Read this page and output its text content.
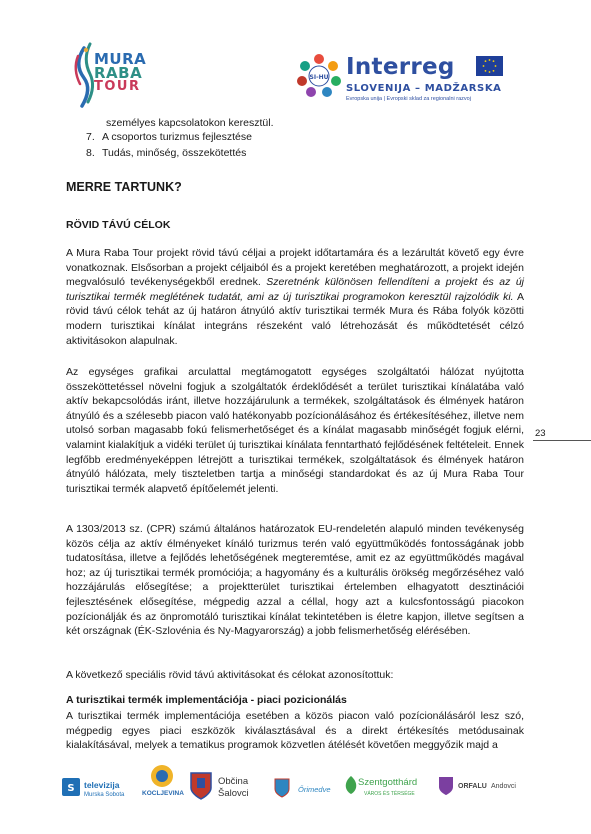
MURA
RABA
TOUR
SI-HU Interreg
SLOVENIJA – MADŽARSKA
Evropska unija | Evropski sklad za regionalni razvoj
személyes kapcsolatokon keresztül.
7. A csoportos turizmus fejlesztése
8. Tudás, minőség, összekötettés
MERRE TARTUNK?
RÖVID TÁVÚ CÉLOK

A Mura Raba Tour projekt rövid távú céljai a projekt időtartamára és a lezárultát követő egy évre vonatkoznak. Elsősorban a projekt céljaiból és a projekt keretében meghatározott, a projekt idején megvalósuló tevékenységekből erednek. Szeretnénk különösen fellendíteni a projekt és az új turisztikai termék meglétének tudatát, ami az új turisztikai programokon keresztül rajzolódik ki. A rövid távú célok tehát az új határon átnyúló aktív turisztikai termék Mura és Rába folyók közötti modern turisztikai kínálat integráns részeként való létrehozását és működtetését célzó aktivitásokon alapulnak.

Az egységes grafikai arculattal megtámogatott egységes szolgáltatói hálózat nyújtotta összeköttetéssel növelni fogjuk a szolgáltatók érdeklődését a terület turisztikai kínálatába való aktív bekapcsolódás iránt, illetve hozzájárulunk a termékek, szolgáltatások és élmények határon átnyúló és a szélesebb piacon való hatékonyabb pozícionálásához és értékesítéséhez, illetve nem utolsó sorban magasabb fokú felismerhetőséget és a kínálat magasabb minőségét fogjuk elérni, valamint kialakítjuk a vidéki terület új turisztikai kínálata fenntartható fejlődésének feltételeit. Ennek legfőbb eredményeképpen létrejött a turisztikai termékek, szolgáltatások és élmények határon átnyúló hálózata, mely tiszteletben tartja a minőségi standardokat és az új Mura Raba Tour turisztikai termék alapvető építőelemét jelenti.

23

A 1303/2013 sz. (CPR) számú általános határozatok EU-rendeletén alapuló minden tevékenység közös célja az aktív élményeket kínáló turizmus terén való együttműködés fontosságának jobb tudatosítása, illetve a fejlődés lehetőségének megteremtése, amit ez az együttműködés magával hoz; az új turisztikai termék promóciója; a hagyomány és a kulturális örökség megőrzéséhez való hozzájárulás elősegítése; a projektterület turisztikai értelemben elhagyatott desztinációi fejlesztésének elősegítése, mégpedig azzal a céllal, hogy azt a kulcsfontosságú piacokon pozícionálják és az önpromotáló turisztikai kínálat tekintetében is életre kapjon, illetve segítsen a két országnak (ÉK-Szlovénia és Ny-Magyarország) a jobb felismerhetőség elérésében.

A következő speciális rövid távú aktivitásokat és célokat azonosítottuk:

A turisztikai termék implementációja - piaci pozicionálás

A turisztikai termék implementációja esetében a közös piacon való pozícionálásáról lesz szó, mégpedig egyes piaci eszközök kiválasztásával és a direkt értékesítés metódusainak kialakításával, melyek a tematikus programok közvetlen átélését követően meggyőzik majd a

S televizija
Murska Sobota	KOCLJEVINA
Občina
Šalovci	Őrimedve
Szentgotthárd
VÁROS ÉS TÉRSÉGE
ORFALU Andovci
